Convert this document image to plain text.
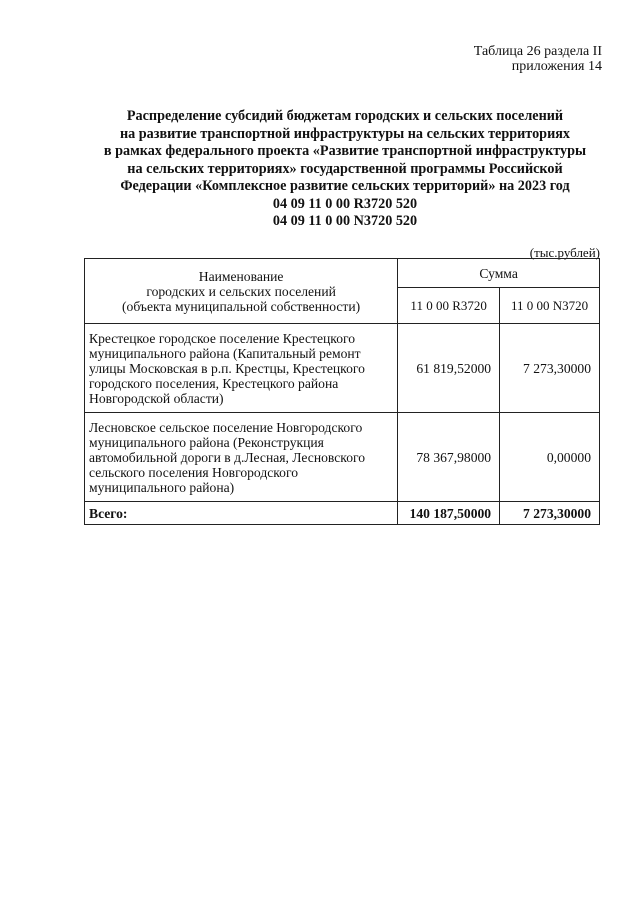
Таблица 26 раздела II
приложения 14
Распределение субсидий бюджетам городских и сельских поселений
на развитие транспортной инфраструктуры на сельских территориях
в рамках федерального проекта «Развитие транспортной инфраструктуры
на сельских территориях» государственной программы Российской
Федерации «Комплексное развитие сельских территорий» на 2023 год
04 09 11 0 00 R3720 520
04 09 11 0 00 N3720 520
(тыс.рублей)
Наименование
городских и сельских поселений
(объекта муниципальной собственности)	Сумма	
	11 0 00 R3720	11 0 00 N3720
Крестецкое городское поселение Крестецкого муниципального района (Капитальный ремонт улицы Московская в р.п. Крестцы, Крестецкого городского поселения, Крестецкого района Новгородской области)	61 819,52000	7 273,30000
Лесновское сельское поселение Новгородского муниципального района (Реконструкция автомобильной дороги в д.Лесная, Лесновского сельского поселения Новгородского муниципального района)	78 367,98000	0,00000
Всего:	140 187,50000	7 273,30000
